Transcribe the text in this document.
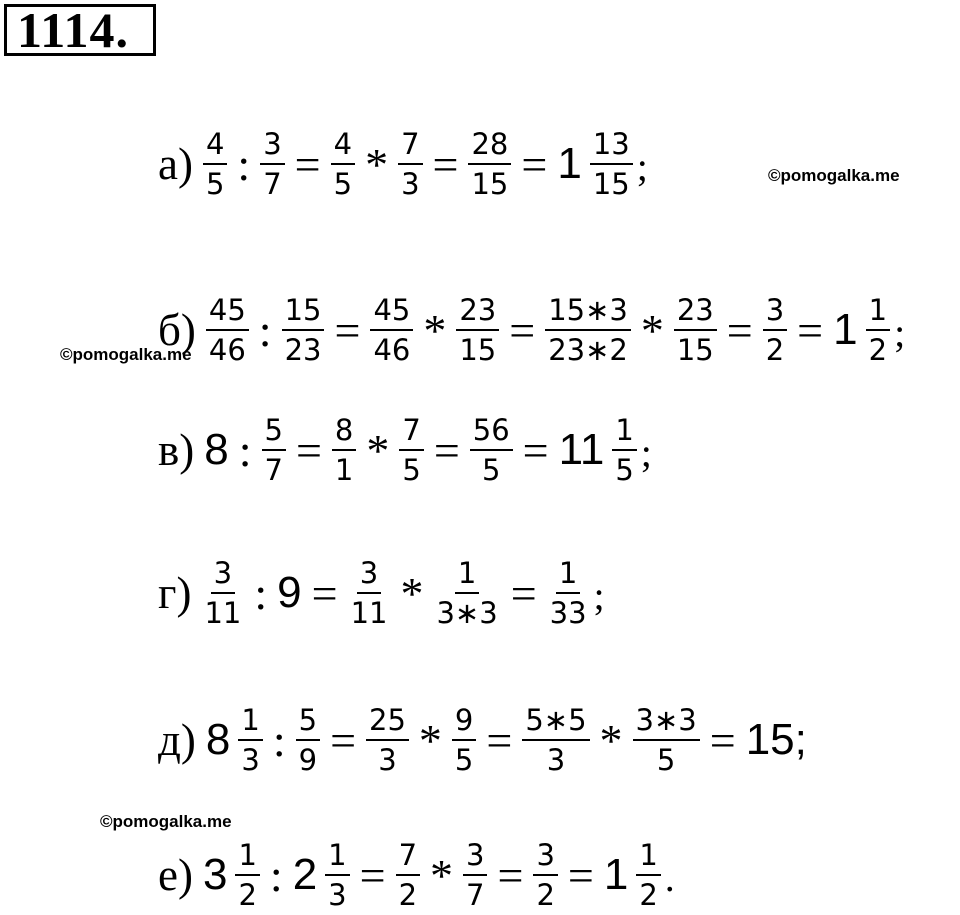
1114.
©pomogalka.me
©pomogalka.me
©pomogalka.me
$а) \frac{4}{5}$ : $\frac{3}{7} = \frac{4}{5} * \frac{7}{3} = \frac{28}{15} = 1 \frac{13}{15}$ ;
$б) \frac{45}{46}$ : $\frac{15}{23} = \frac{45}{46} * \frac{23}{15} = \frac{15∗3}{23∗2} * \frac{23}{15} = \frac{3}{2} = 1 \frac{1}{2}$ ;
в) 8 : $\frac{5}{7} = \frac{8}{1} * \frac{7}{5} = \frac{56}{5} = 11 \frac{1}{5}$ ;
$г) \frac{3}{11}$ : $9 = \frac{3}{11} * \frac{1}{3∗3} = \frac{1}{33}$ ;
д) $8 \frac{1}{3}$ : $\frac{5}{9} = \frac{25}{3} * \frac{9}{5} = \frac{5∗5}{3} * \frac{3∗3}{5} = 15$;
е) $3 \frac{1}{2}$ : $2 \frac{1}{3} = \frac{7}{2} * \frac{3}{7} = \frac{3}{2} = 1 \frac{1}{2}$ .
